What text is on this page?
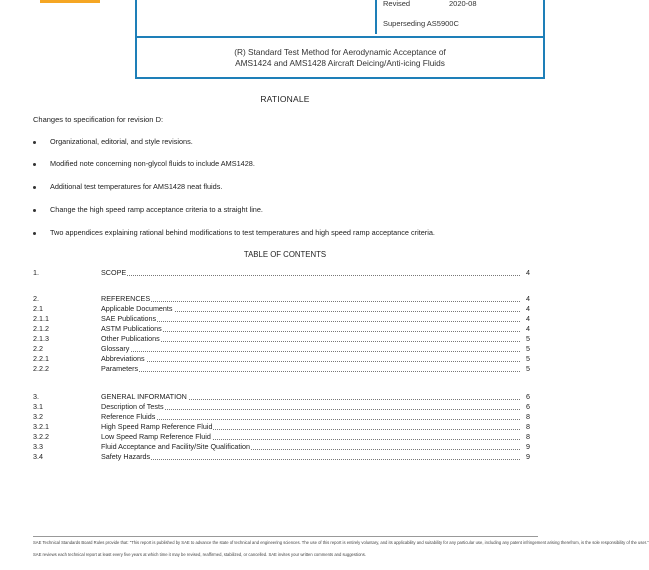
Revised	2020-08
Superseding AS5900C
(R) Standard Test Method for Aerodynamic Acceptance of
AMS1424 and AMS1428 Aircraft Deicing/Anti-icing Fluids
RATIONALE
Changes to specification for revision D:
Organizational, editorial, and style revisions.
Modified note concerning non-glycol fluids to include AMS1428.
Additional test temperatures for AMS1428 neat fluids.
Change the high speed ramp acceptance criteria to a straight line.
Two appendices explaining rational behind modifications to test temperatures and high speed ramp acceptance criteria.
TABLE OF CONTENTS
1.	SCOPE	4
2.	REFERENCES	4
2.1	Applicable Documents	4
2.1.1	SAE Publications	4
2.1.2	ASTM Publications	4
2.1.3	Other Publications	5
2.2	Glossary	5
2.2.1	Abbreviations	5
2.2.2	Parameters	5
3.	GENERAL INFORMATION	6
3.1	Description of Tests	6
3.2	Reference Fluids	8
3.2.1	High Speed Ramp Reference Fluid	8
3.2.2	Low Speed Ramp Reference Fluid	8
3.3	Fluid Acceptance and Facility/Site Qualification	9
3.4	Safety Hazards	9
SAE Technical Standards Board Rules provide that: "This report is published by SAE to advance the state of technical and engineering sciences. The use of this report is entirely voluntary, and its applicability and suitability for any particular use, including any patent infringement arising therefrom, is the sole responsibility of the user."
SAE reviews each technical report at least every five years at which time it may be revised, reaffirmed, stabilized, or cancelled. SAE invites your written comments and suggestions.
